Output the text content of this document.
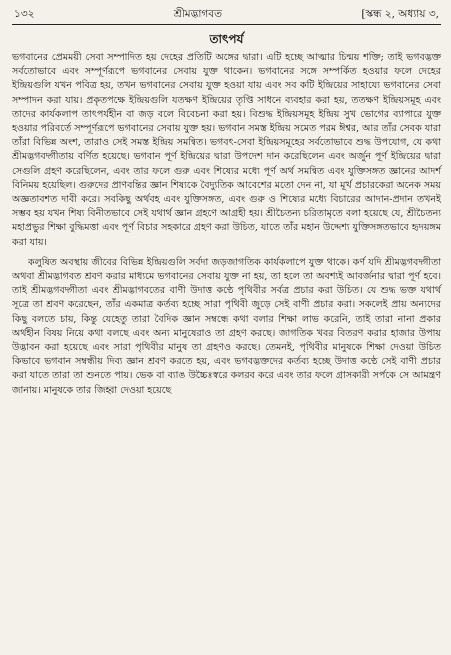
১৩২	শ্রীমদ্ভাগবত	[স্কন্ধ ২, অধ্যায় ৩,
তাৎপর্য

ভগবানের প্রেমময়ী সেবা সম্পাদিত হয় দেহের প্রতিটি অঙ্গের দ্বারা। এটি হচ্ছে আত্মার চিন্ময় শক্তি; তাই ভগবদ্ভক্ত সর্বতোভাবে এবং সম্পূর্ণরূপে ভগবানের সেবায় যুক্ত থাকেন। ভগবানের সঙ্গে সম্পর্কিত হওয়ার ফলে দেহের ইন্দ্রিয়গুলি যখন পবিত্র হয়, তখন ভগবানের সেবায় যুক্ত হওয়া যায় এবং সব কটি ইন্দ্রিয়ের সাহায্যে ভগবানের সেবা সম্পাদন করা যায়। প্রকৃতপক্ষে ইন্দ্রিয়গুলি যতক্ষণ ইন্দ্রিয়ের তৃপ্তি সাধনে ব্যবহার করা হয়, ততক্ষণ ইন্দ্রিয়সমূহ এবং তাদের কার্যকলাপ তাৎপর্যহীন বা জড় বলে বিবেচনা করা হয়। বিশুদ্ধ ইন্দ্রিয়সমূহ ইন্দ্রিয় সুখ ভোগের ব্যাপারে যুক্ত হওয়ার পরিবর্তে সম্পূর্ণরূপে ভগবানের সেবায় যুক্ত হয়। ভগবান সমস্ত ইন্দ্রিয় সমেত পরম ঈশ্বর, আর তাঁর সেবক যারা তাঁরা বিভিন্ন অংশ, তারাও সেই সমস্ত ইন্দ্রিয় সমন্বিত। ভগবৎ-সেবা ইন্দ্রিয়সমূহের সর্বতোভাবে শুদ্ধ উপযোগ, যে কথা শ্রীমদ্ভগবদ্গীতায় বর্ণিত হয়েছে। ভগবান পূর্ণ ইন্দ্রিয়ের দ্বারা উপদেশ দান করেছিলেন এবং অর্জুন পূর্ণ ইন্দ্রিয়ের দ্বারা সেগুলি গ্রহণ করেছিলেন, এবং তার ফলে গুরু এবং শিষ্যের মধ্যে পূর্ণ অর্থ সমন্বিত এবং যুক্তিসঙ্গত জ্ঞানের আদর্শ বিনিময় হয়েছিল। গুরুদের প্রাণবন্তির জ্ঞান শিষ্যকে বৈদ্যুতিক আবেশের মতো দেন না, যা মূর্খ প্রচারকেরা অনেক সময় অজ্ঞতাবশত দাবী করে। সবকিছু অর্থবহ এবং যুক্তিসঙ্গত, এবং গুরু ও শিষ্যের মধ্যে বিচারের আদান-প্রদান তখনই সম্ভব হয় যখন শিষ্য বিনীতভাবে সেই যথার্থ জ্ঞান গ্রহণে আগ্রহী হয়। শ্রীচৈতন্য চরিতামৃতে বলা হয়েছে যে, শ্রীচৈতন্য মহাপ্রভুর শিক্ষা বুদ্ধিমত্তা এবং পূর্ণ বিচার সহকারে গ্রহণ করা উচিত, যাতে তাঁর মহান উদ্দেশ্য যুক্তিসঙ্গতভাবে হৃদয়ঙ্গম করা যায়।

কলুষিত অবস্থায় জীবের বিভিন্ন ইন্দ্রিয়গুলি সর্বদা জড়জাগতিক কার্যকলাপে যুক্ত থাকে। কর্ণ যদি শ্রীমদ্ভগবদ্গীতা অথবা শ্রীমদ্ভাগবত শ্রবণ করার মাধ্যমে ভগবানের সেবায় যুক্ত না হয়, তা হলে তা অবশ্যই আবর্জনার দ্বারা পূর্ণ হবে। তাই শ্রীমদ্ভগবদ্গীতা এবং শ্রীমদ্ভাগবতের বাণী উদাত্ত কণ্ঠে পৃথিবীর সর্বত্র প্রচার করা উচিত। যে শুদ্ধ ভক্ত যথার্থ সূত্রে তা শ্রবণ করেছেন, তাঁর একমাত্র কর্তব্য হচ্ছে সারা পৃথিবী জুড়ে সেই বাণী প্রচার করা। সকলেই প্রায় অন্যদের কিছু বলতে চায়, কিন্তু যেহেতু তারা বৈদিক জ্ঞান সম্বন্ধে কথা বলার শিক্ষা লাভ করেনি, তাই তারা নানা প্রকার অর্থহীন বিষয় নিয়ে কথা বলছে এবং অন্য মানুষেরাও তা গ্রহণ করছে। জাগতিক খবর বিতরণ করার হাজার উপায় উদ্ভাবন করা হয়েছে এবং সারা পৃথিবীর মানুষ তা গ্রহণও করছে। তেমনই, পৃথিবীর মানুষকে শিক্ষা দেওয়া উচিত কিভাবে ভগবান সম্বন্ধীয় দিব্য জ্ঞান শ্রবণ করতে হয়, এবং ভগবদ্ভক্তদের কর্তব্য হচ্ছে উদাত্ত কণ্ঠে সেই বাণী প্রচার করা যাতে তারা তা শুনতে পায়। ভেক বা ব্যাঙ উচ্চৈঃস্বরে কলরব করে এবং তার ফলে গ্রাসকারী সর্পকে সে আমন্ত্রণ জানায়। মানুষকে তার জিহ্বা দেওয়া হয়েছে
